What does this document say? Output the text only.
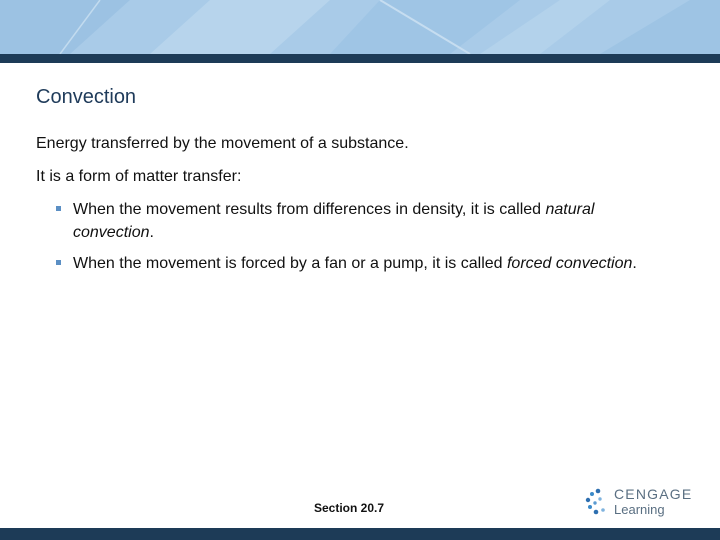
Convection

Energy transferred by the movement of a substance.

It is a form of matter transfer:

When the movement results from differences in density, it is called natural convection.
When the movement is forced by a fan or a pump, it is called forced convection.
Section 20.7
CENGAGE
Learning
